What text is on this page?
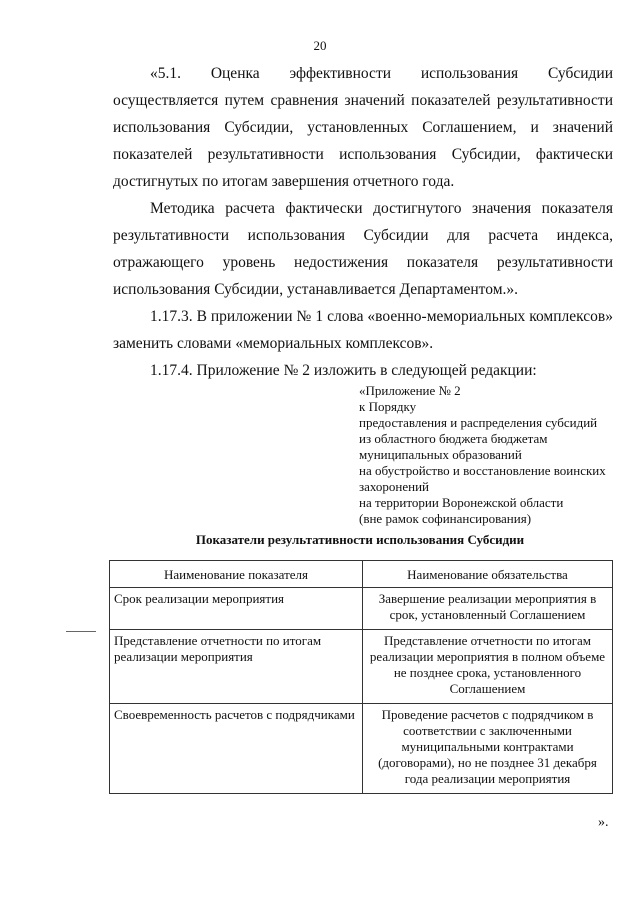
20

«5.1. Оценка эффективности использования Субсидии осуществляется путем сравнения значений показателей результативности использования Субсидии, установленных Соглашением, и значений показателей результативности использования Субсидии, фактически достигнутых по итогам завершения отчетного года.

Методика расчета фактически достигнутого значения показателя результативности использования Субсидии для расчета индекса, отражающего уровень недостижения показателя результативности использования Субсидии, устанавливается Департаментом.».

1.17.3. В приложении № 1 слова «военно-мемориальных комплексов» заменить словами «мемориальных комплексов».

1.17.4. Приложение № 2 изложить в следующей редакции:

«Приложение № 2
к Порядку
предоставления и распределения субсидий
из областного бюджета бюджетам
муниципальных образований
на обустройство и восстановление воинских
захоронений
на территории Воронежской области
(вне рамок софинансирования)
Показатели результативности использования Субсидии
Наименование показателя	Наименование обязательства
Срок реализации мероприятия	Завершение реализации мероприятия в срок, установленный Соглашением
Представление отчетности по итогам реализации мероприятия	Представление отчетности по итогам реализации мероприятия в полном объеме не позднее срока, установленного Соглашением
Своевременность расчетов с подрядчиками	Проведение расчетов с подрядчиком в соответствии с заключенными муниципальными контрактами (договорами), но не позднее 31 декабря года реализации мероприятия
».
